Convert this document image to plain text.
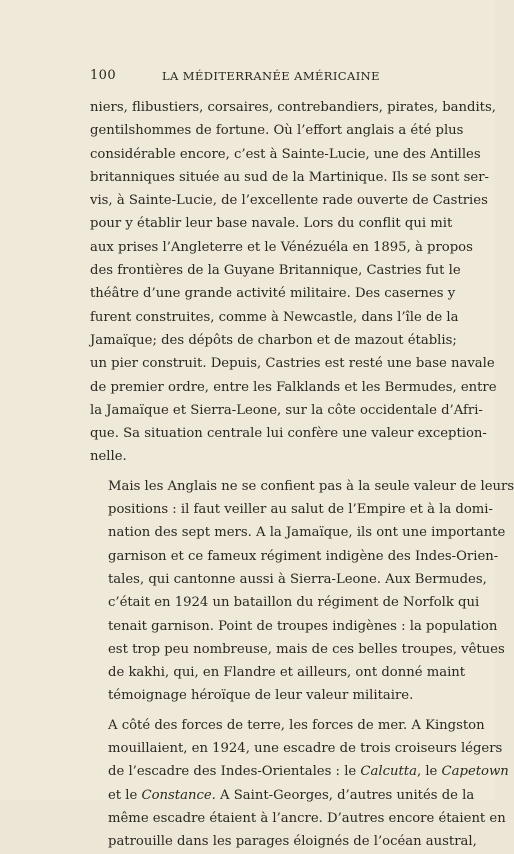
100	LA MÉDITERRANÉE AMÉRICAINE

niers, flibustiers, corsaires, contrebandiers, pirates, bandits,
gentilshommes de fortune. Où l’effort anglais a été plus
considérable encore, c’est à Sainte-Lucie, une des Antilles
britanniques située au sud de la Martinique. Ils se sont ser-
vis, à Sainte-Lucie, de l’excellente rade ouverte de Castries
pour y établir leur base navale. Lors du conflit qui mit
aux prises l’Angleterre et le Vénézuéla en 1895, à propos
des frontières de la Guyane Britannique, Castries fut le
théâtre d’une grande activité militaire. Des casernes y
furent construites, comme à Newcastle, dans l’île de la
Jamaïque; des dépôts de charbon et de mazout établis;
un pier construit. Depuis, Castries est resté une base navale
de premier ordre, entre les Falklands et les Bermudes, entre
la Jamaïque et Sierra-Leone, sur la côte occidentale d’Afri-
que. Sa situation centrale lui confère une valeur exception-
nelle.

Mais les Anglais ne se confient pas à la seule valeur de leurs
positions : il faut veiller au salut de l’Empire et à la domi-
nation des sept mers. A la Jamaïque, ils ont une importante
garnison et ce fameux régiment indigène des Indes-Orien-
tales, qui cantonne aussi à Sierra-Leone. Aux Bermudes,
c’était en 1924 un bataillon du régiment de Norfolk qui
tenait garnison. Point de troupes indigènes : la population
est trop peu nombreuse, mais de ces belles troupes, vêtues
de kakhi, qui, en Flandre et ailleurs, ont donné maint
témoignage héroïque de leur valeur militaire.

A côté des forces de terre, les forces de mer. A Kingston
mouillaient, en 1924, une escadre de trois croiseurs légers
de l’escadre des Indes-Orientales : le Calcutta, le Capetown
et le Constance. A Saint-Georges, d’autres unités de la
même escadre étaient à l’ancre. D’autres encore étaient en
patrouille dans les parages éloignés de l’océan austral,
